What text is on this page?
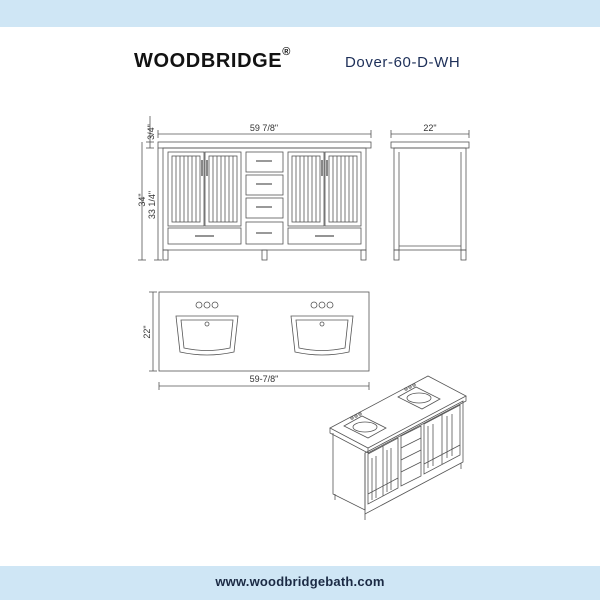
WOODBRIDGE®
Dover-60-D-WH
59 7/8"
3/4"
34" 33 1/4"
22"
22"
59-7/8"
www.woodbridgebath.com
